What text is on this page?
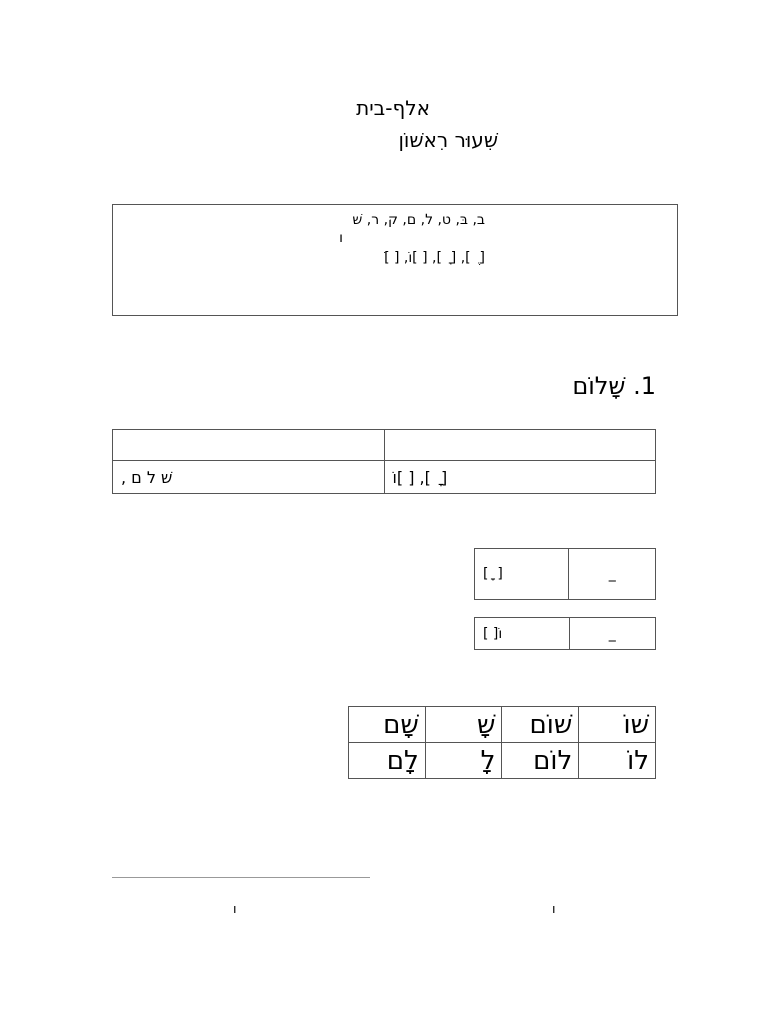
אלף-בית
שִׁעוּר רִאשׁוֹן
ב, בּ, ט, ל, ם, ק, ר, שׁ
ו
[ ֶ ], [ ָ ], [ ]וֹ, [ ]ֹ
1. שָׁלוֹם

שׁ ל ם ,	[ ָ ], [ ]וֹ
[ ָ ]	_
[ ]וֹ	_
שָׁם	שָׁ	שׁוֹם	שׁוֹ
לָם	לָ	לוֹם	לוֹ
ו	ו
